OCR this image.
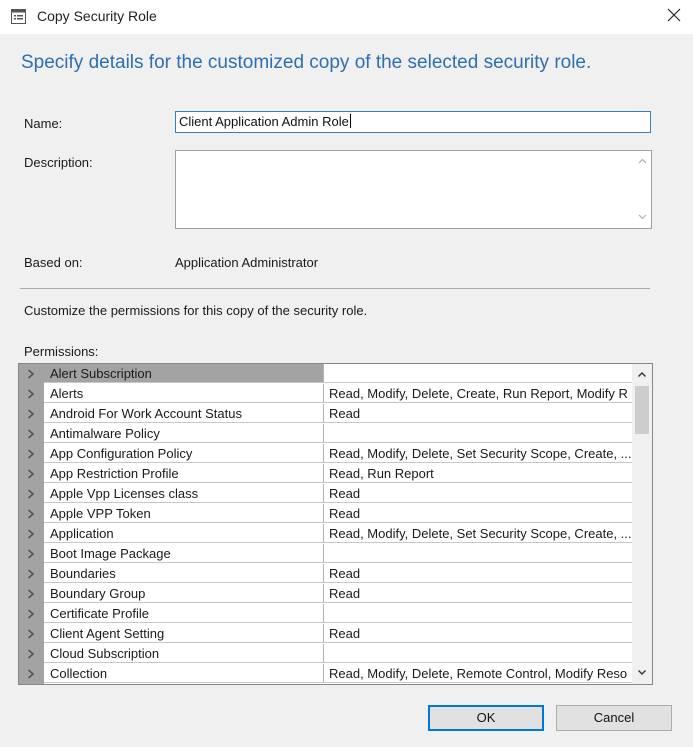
Copy Security Role
Specify details for the customized copy of the selected security role.
Name:	Client Application Admin Role
Description:
Based on:	Application Administrator
Customize the permissions for this copy of the security role.
Permissions:
Alert Subscription
Alerts	Read, Modify, Delete, Create, Run Report, Modify R
Android For Work Account Status	Read
Antimalware Policy
App Configuration Policy	Read, Modify, Delete, Set Security Scope, Create, ...
App Restriction Profile	Read, Run Report
Apple Vpp Licenses class	Read
Apple VPP Token	Read
Application	Read, Modify, Delete, Set Security Scope, Create, ...
Boot Image Package
Boundaries	Read
Boundary Group	Read
Certificate Profile
Client Agent Setting	Read
Cloud Subscription
Collection	Read, Modify, Delete, Remote Control, Modify Reso
OK	Cancel
